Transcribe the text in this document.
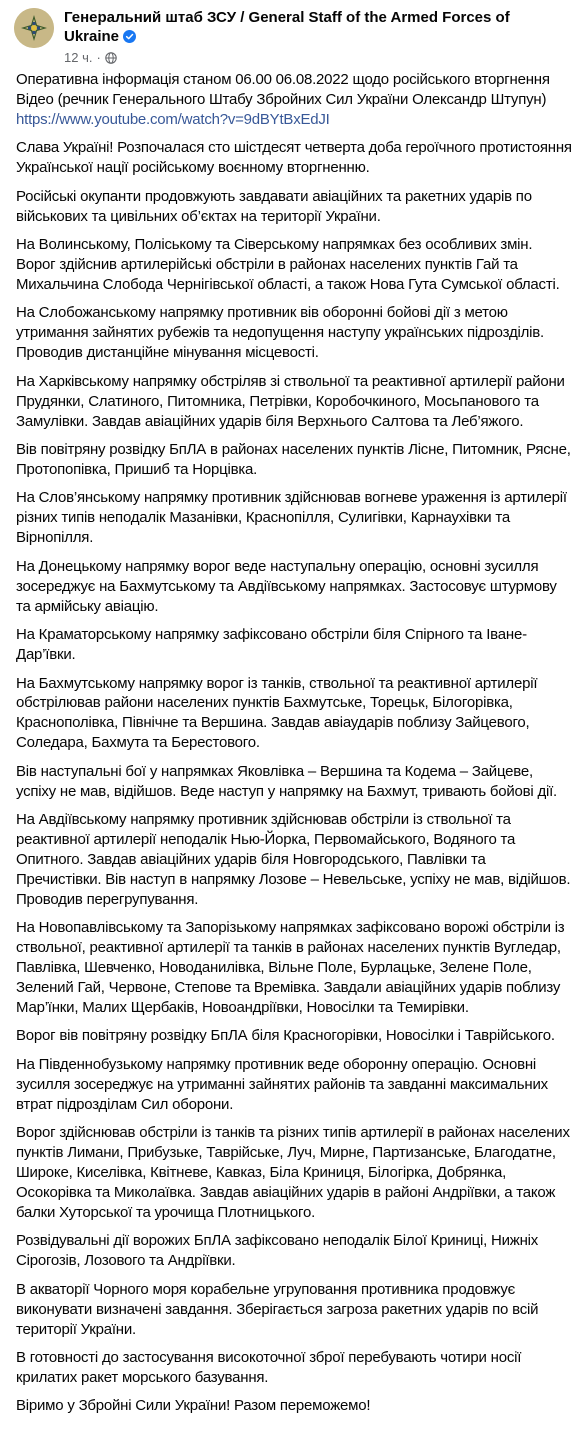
Генеральний штаб ЗСУ / General Staff of the Armed Forces of Ukraine
12 ч. ·

Оперативна інформація станом 06.00 06.08.2022 щодо російського вторгнення
Відео (речник Генерального Штабу Збройних Сил України Олександр Штупун)
https://www.youtube.com/watch?v=9dBYtBxEdJI

Слава Україні! Розпочалася сто шістдесят четверта доба героїчного протистояння Української нації російському воєнному вторгненню.

Російські окупанти продовжують завдавати авіаційних та ракетних ударів по військових та цивільних об’єктах на території України.

На Волинському, Поліському та Сіверському напрямках без особливих змін. Ворог здійснив артилерійські обстріли в районах населених пунктів Гай та Михальчина Слобода Чернігівської області, а також Нова Гута Сумської області.

На Слобожанському напрямку противник вів оборонні бойові дії з метою утримання зайнятих рубежів та недопущення наступу українських підрозділів. Проводив дистанційне мінування місцевості.

На Харківському напрямку обстріляв зі ствольної та реактивної артилерії райони Прудянки, Слатиного, Питомника, Петрівки, Коробочкиного, Мосьпанового та Замулівки. Завдав авіаційних ударів біля Верхнього Салтова та Леб’яжого.

Вів повітряну розвідку БпЛА в районах населених пунктів Лісне, Питомник, Рясне, Протопопівка, Пришиб та Норцівка.

На Слов’янському напрямку противник здійснював вогневе ураження із артилерії різних типів неподалік Мазанівки, Краснопілля, Сулигівки, Карнаухівки та Вірнопілля.

На Донецькому напрямку ворог веде наступальну операцію, основні зусилля зосереджує на Бахмутському та Авдіївському напрямках. Застосовує штурмову та армійську авіацію.

На Краматорському напрямку зафіксовано обстріли біля Спірного та Іване-Дар’ївки.

На Бахмутському напрямку ворог із танків, ствольної та реактивної артилерії обстрілював райони населених пунктів Бахмутське, Торецьк, Білогорівка, Краснополівка, Північне та Вершина. Завдав авіаударів поблизу Зайцевого, Соледара, Бахмута та Берестового.

Вів наступальні бої у напрямках Яковлівка – Вершина та Кодема – Зайцеве, успіху не мав, відійшов. Веде наступ у напрямку на Бахмут, тривають бойові дії.

На Авдіївському напрямку противник здійснював обстріли із ствольної та реактивної артилерії неподалік Нью-Йорка, Первомайського, Водяного та Опитного. Завдав авіаційних ударів біля Новгородського, Павлівки та Пречистівки. Вів наступ в напрямку Лозове – Невельське, успіху не мав, відійшов. Проводив перегрупування.

На Новопавлівському та Запорізькому напрямках зафіксовано ворожі обстріли із ствольної, реактивної артилерії та танків в районах населених пунктів Вугледар, Павлівка, Шевченко, Новоданилівка, Вільне Поле, Бурлацьке, Зелене Поле, Зелений Гай, Червоне, Степове та Времівка. Завдали авіаційних ударів поблизу Мар’їнки, Малих Щербаків, Новоандріївки, Новосілки та Темирівки.

Ворог вів повітряну розвідку БпЛА біля Красногорівки, Новосілки і Таврійського.

На Південнобузькому напрямку противник веде оборонну операцію. Основні зусилля зосереджує на утриманні зайнятих районів та завданні максимальних втрат підрозділам Сил оборони.

Ворог здійснював обстріли із танків та різних типів артилерії в районах населених пунктів Лимани, Прибузьке, Таврійське, Луч, Мирне, Партизанське, Благодатне, Широке, Киселівка, Квітневе, Кавказ, Біла Криниця, Білогірка, Добрянка, Осокорівка та Миколаївка. Завдав авіаційних ударів в районі Андріївки, а також балки Хуторської та урочища Плотницького.

Розвідувальні дії ворожих БпЛА зафіксовано неподалік Білої Криниці, Нижніх Сірогозів, Лозового та Андріївки.

В акваторії Чорного моря корабельне угруповання противника продовжує виконувати визначені завдання. Зберігається загроза ракетних ударів по всій території України.

В готовності до застосування високоточної зброї перебувають чотири носії крилатих ракет морського базування.

Віримо у Збройні Сили України! Разом переможемо!
